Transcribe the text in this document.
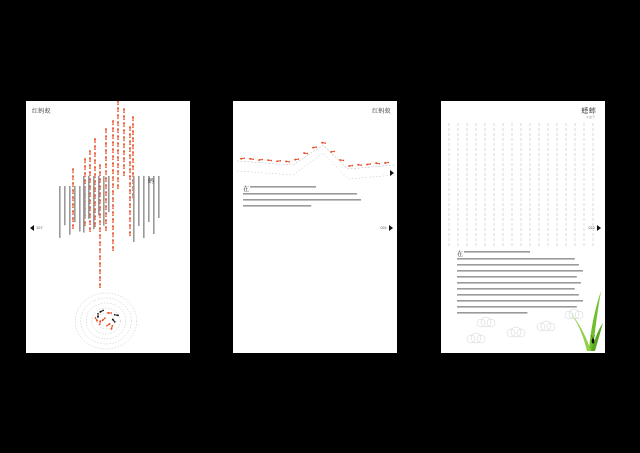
红蚂蚁
蚂
107
红蚂蚁
在
001
在
蟋蟀
小虫子
022
